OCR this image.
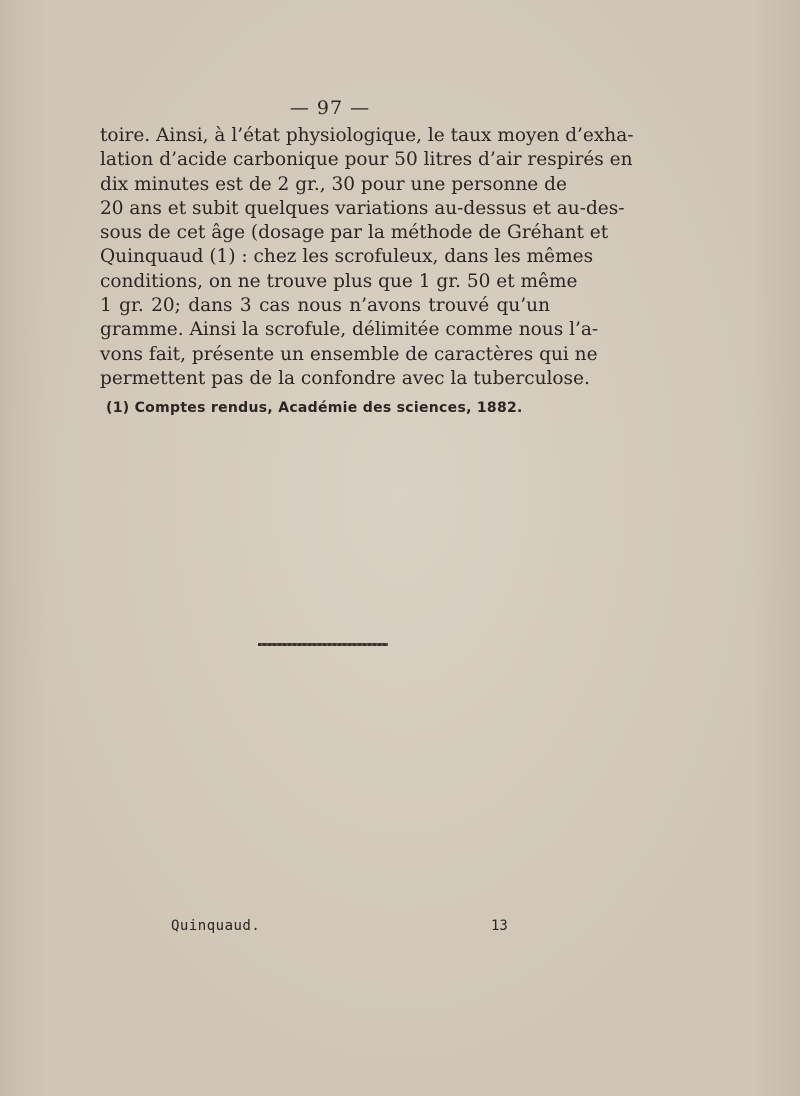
— 97 —
toire. Ainsi, à l’état physiologique, le taux moyen d’exha-
lation d’acide carbonique pour 50 litres d’air respirés en
dix minutes est de 2 gr., 30 pour une personne de
20 ans et subit quelques variations au-dessus et au-des-
sous de cet âge (dosage par la méthode de Gréhant et
Quinquaud (1) : chez les scrofuleux, dans les mêmes
conditions, on ne trouve plus que 1 gr. 50 et même
1 gr. 20; dans 3 cas nous n’avons trouvé qu’un
gramme. Ainsi la scrofule, délimitée comme nous l’a-
vons fait, présente un ensemble de caractères qui ne
permettent pas de la confondre avec la tuberculose.
(1) Comptes rendus, Académie des sciences, 1882.
Quinquaud.	13
